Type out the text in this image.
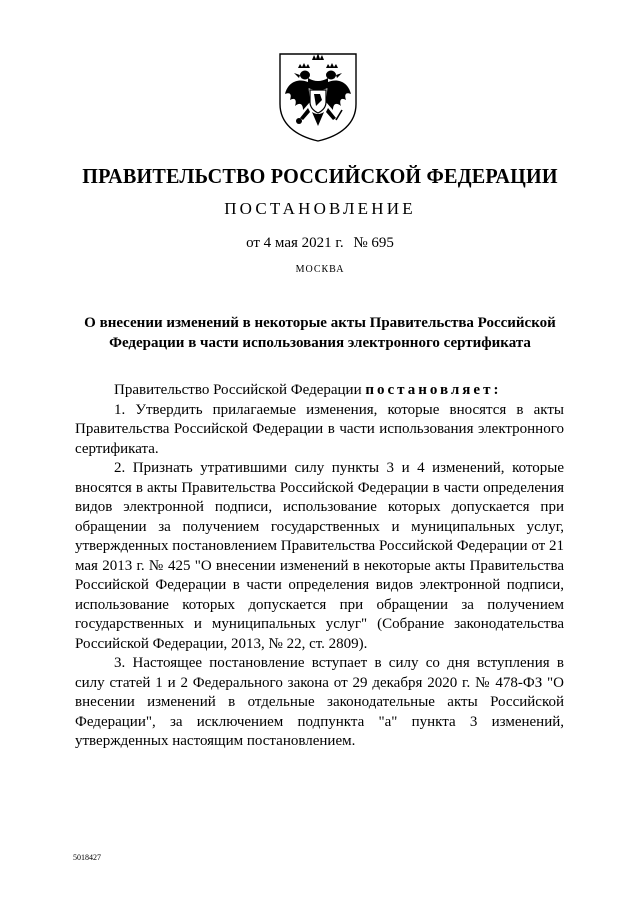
ПРАВИТЕЛЬСТВО РОССИЙСКОЙ ФЕДЕРАЦИИ
ПОСТАНОВЛЕНИЕ
от 4 мая 2021 г. № 695
МОСКВА
О внесении изменений в некоторые акты Правительства Российской
Федерации в части использования электронного сертификата

Правительство Российской Федерации постановляет:

1. Утвердить прилагаемые изменения, которые вносятся в акты Правительства Российской Федерации в части использования электронного сертификата.

2. Признать утратившими силу пункты 3 и 4 изменений, которые вносятся в акты Правительства Российской Федерации в части определения видов электронной подписи, использование которых допускается при обращении за получением государственных и муниципальных услуг, утвержденных постановлением Правительства Российской Федерации от 21 мая 2013 г. № 425 "О внесении изменений в некоторые акты Правительства Российской Федерации в части определения видов электронной подписи, использование которых допускается при обращении за получением государственных и муниципальных услуг" (Собрание законодательства Российской Федерации, 2013, № 22, ст. 2809).

3. Настоящее постановление вступает в силу со дня вступления в силу статей 1 и 2 Федерального закона от 29 декабря 2020 г. № 478-ФЗ "О внесении изменений в отдельные законодательные акты Российской Федерации", за исключением подпункта "а" пункта 3 изменений, утвержденных настоящим постановлением.

5018427
